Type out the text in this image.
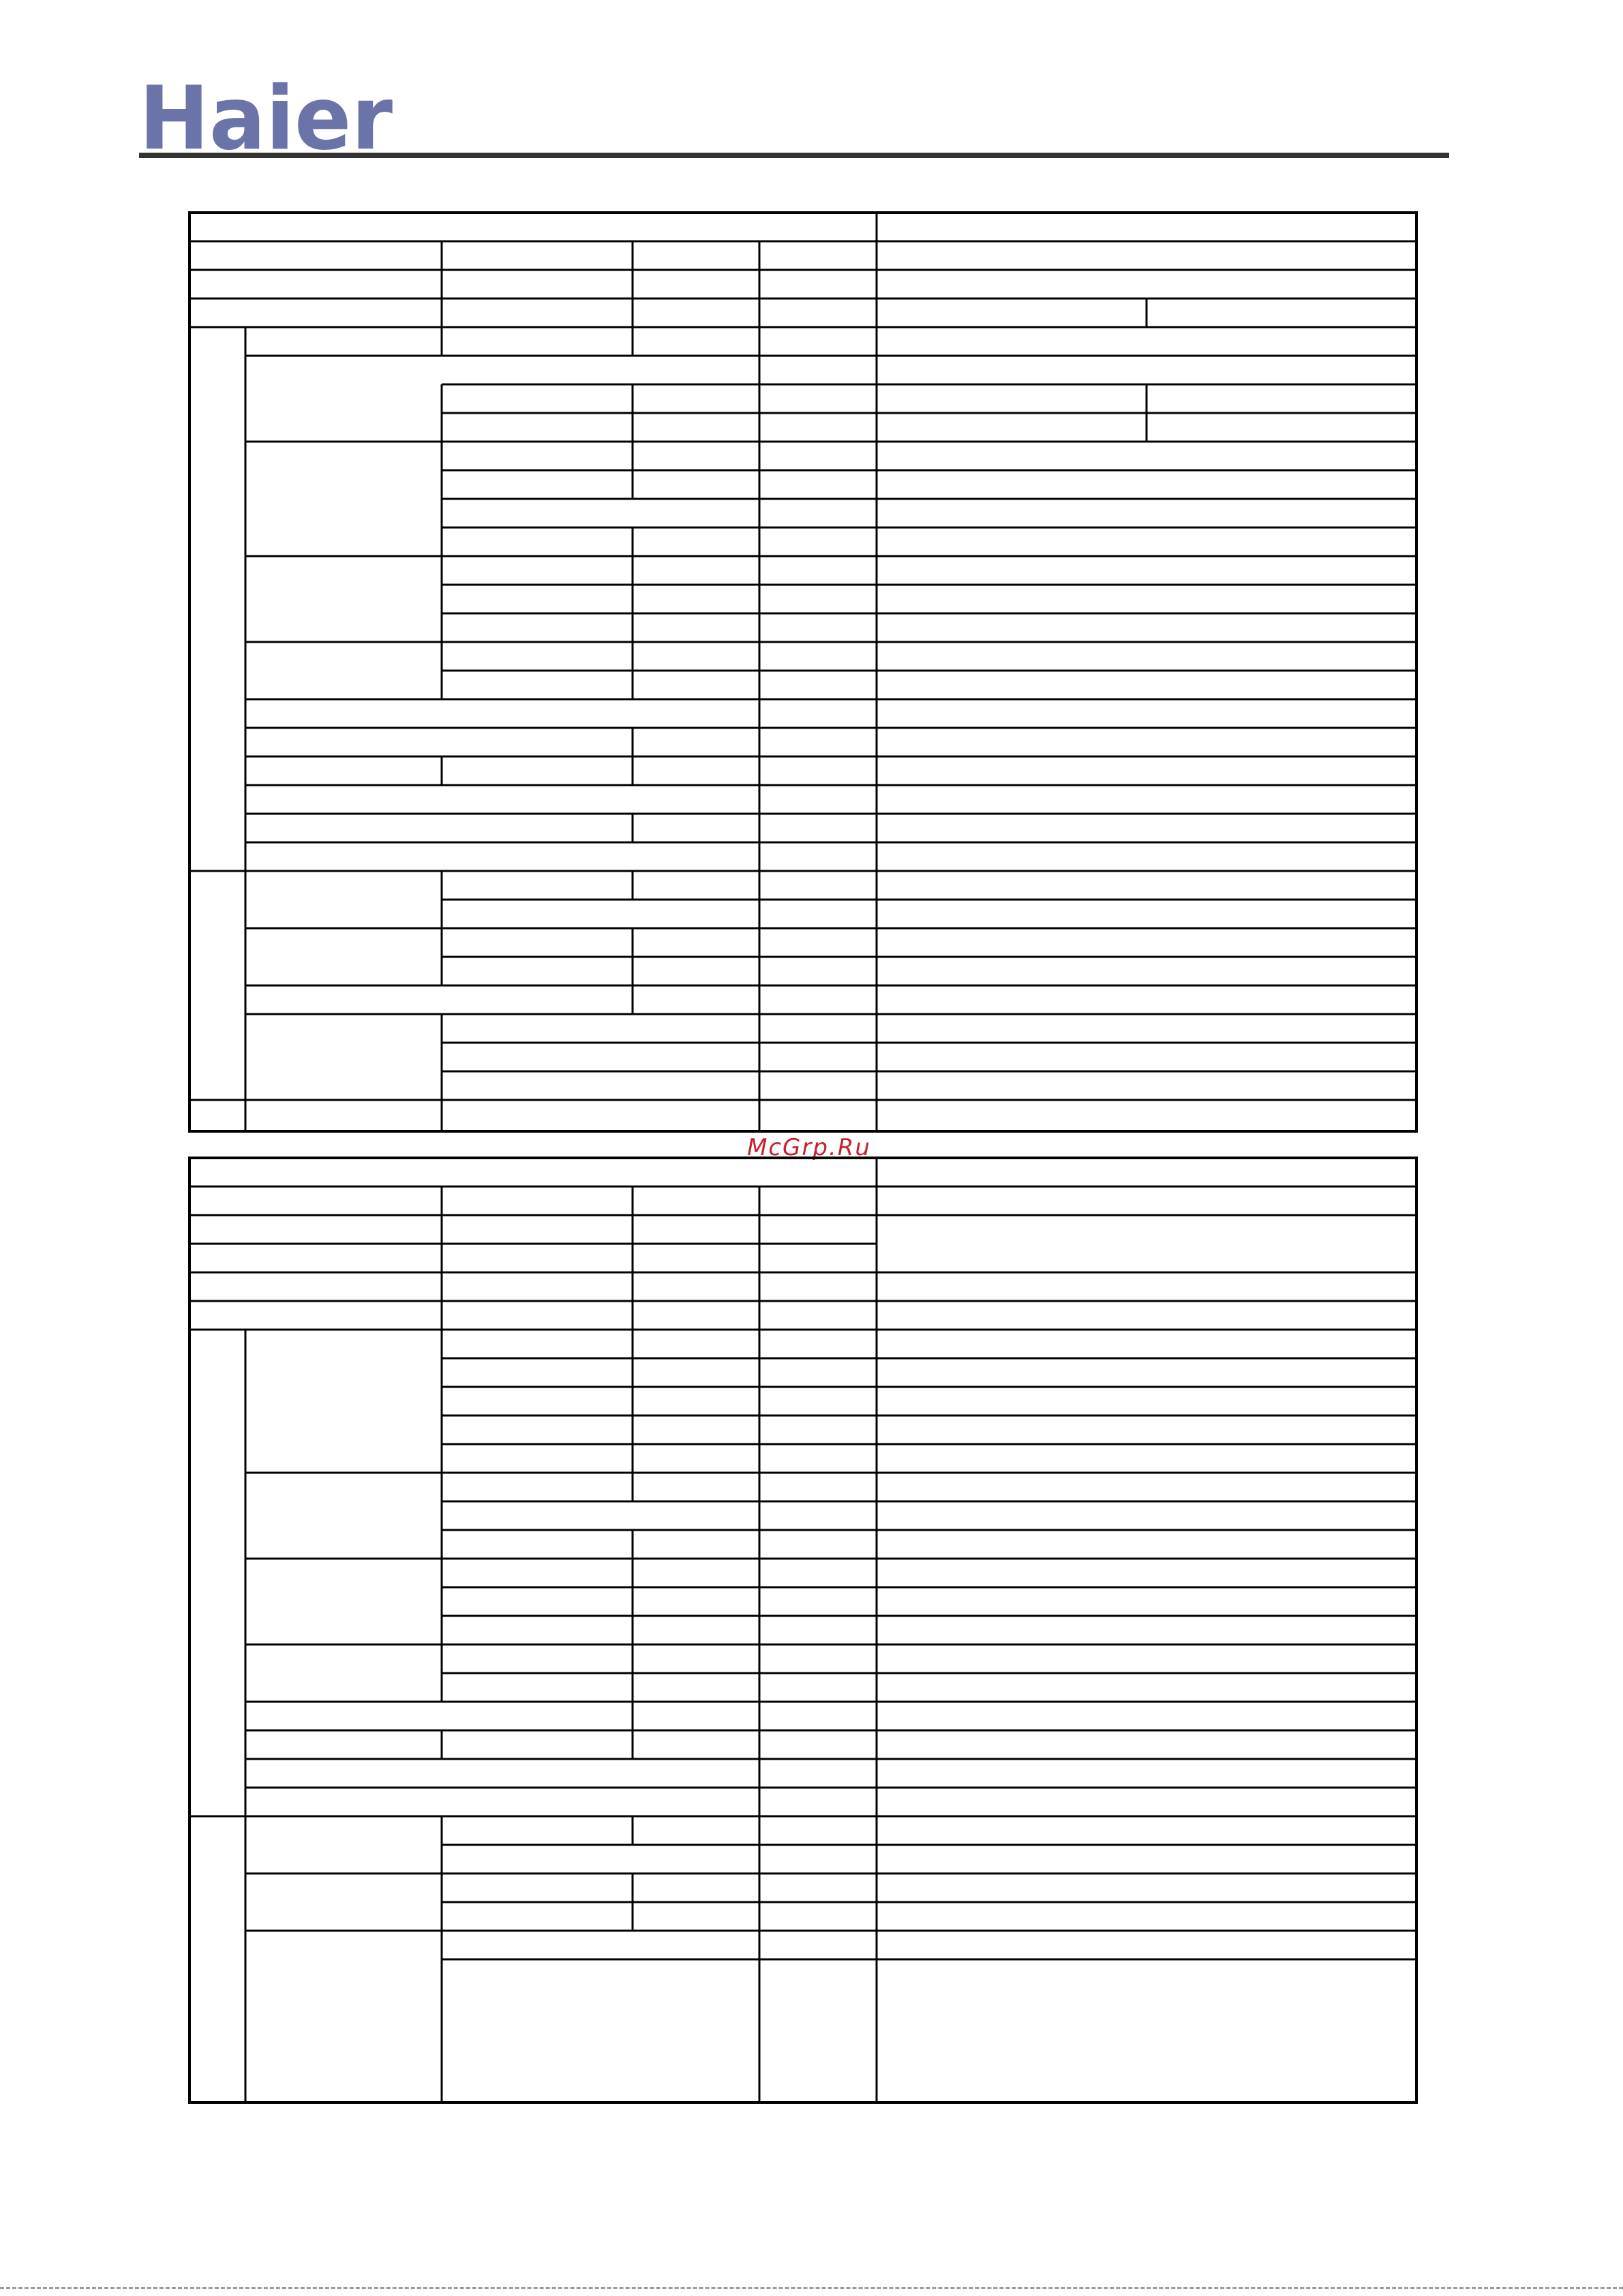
Haier
McGrp.Ru
